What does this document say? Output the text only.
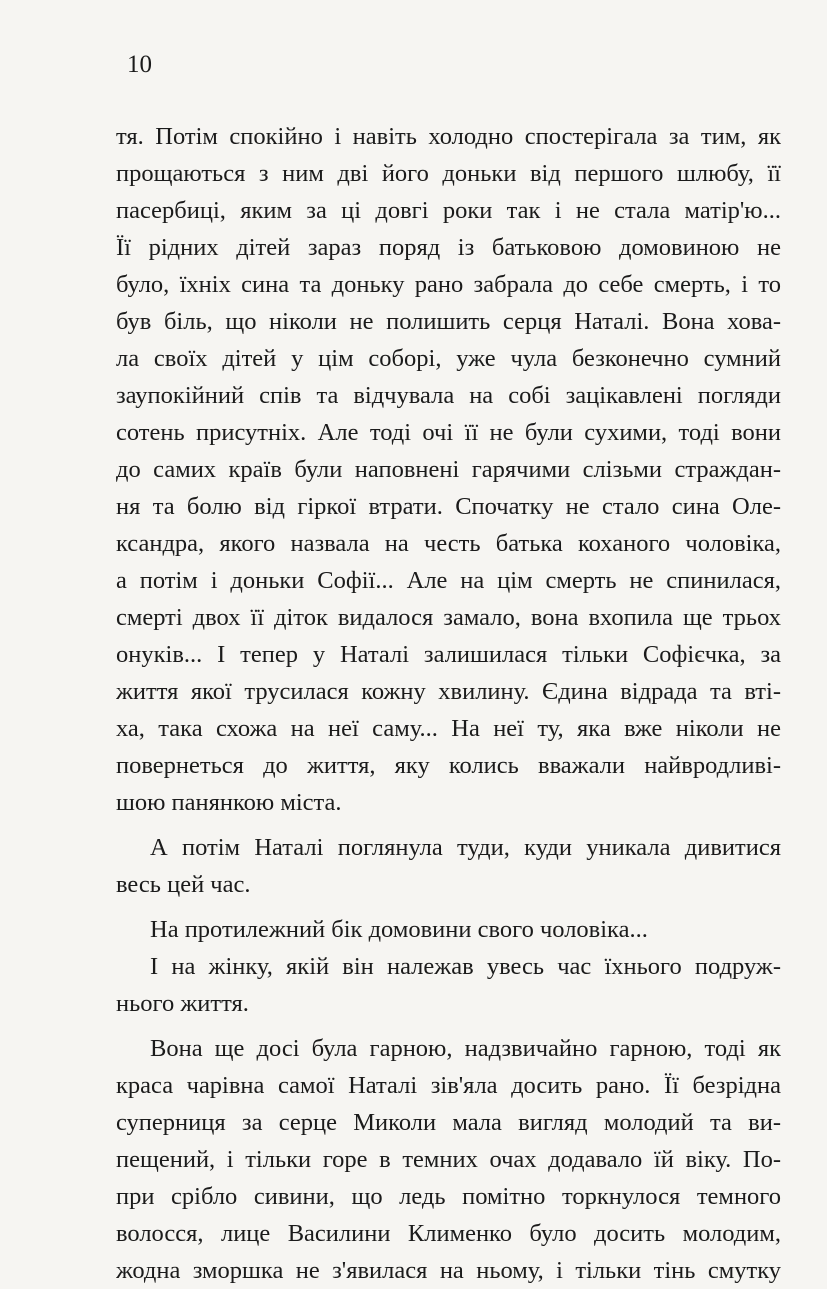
10
тя. Потім спокійно і навіть холодно спостерігала за тим, як
прощаються з ним дві його доньки від першого шлюбу, її
пасербиці, яким за ці довгі роки так і не стала матір'ю...
Її рідних дітей зараз поряд із батьковою домовиною не
було, їхніх сина та доньку рано забрала до себе смерть, і то
був біль, що ніколи не полишить серця Наталі. Вона хова-
ла своїх дітей у цім соборі, уже чула безконечно сумний
заупокійний спів та відчувала на собі зацікавлені погляди
сотень присутніх. Але тоді очі її не були сухими, тоді вони
до самих країв були наповнені гарячими слізьми страждан-
ня та болю від гіркої втрати. Спочатку не стало сина Оле-
ксандра, якого назвала на честь батька коханого чоловіка,
а потім і доньки Софії... Але на цім смерть не спинилася,
смерті двох її діток видалося замало, вона вхопила ще трьох
онуків... І тепер у Наталі залишилася тільки Софієчка, за
життя якої трусилася кожну хвилину. Єдина відрада та вті-
ха, така схожа на неї саму... На неї ту, яка вже ніколи не
повернеться до життя, яку колись вважали найвродливі-
шою панянкою міста.
А потім Наталі поглянула туди, куди уникала дивитися
весь цей час.
На протилежний бік домовини свого чоловіка...
І на жінку, якій він належав увесь час їхнього подруж-
нього життя.
Вона ще досі була гарною, надзвичайно гарною, тоді як
краса чарівна самої Наталі зів'яла досить рано. Її безрідна
суперниця за серце Миколи мала вигляд молодий та ви-
пещений, і тільки горе в темних очах додавало їй віку. По-
при срібло сивини, що ледь помітно торкнулося темного
волосся, лице Василини Клименко було досить молодим,
жодна зморшка не з'явилася на ньому, і тільки тінь смутку
